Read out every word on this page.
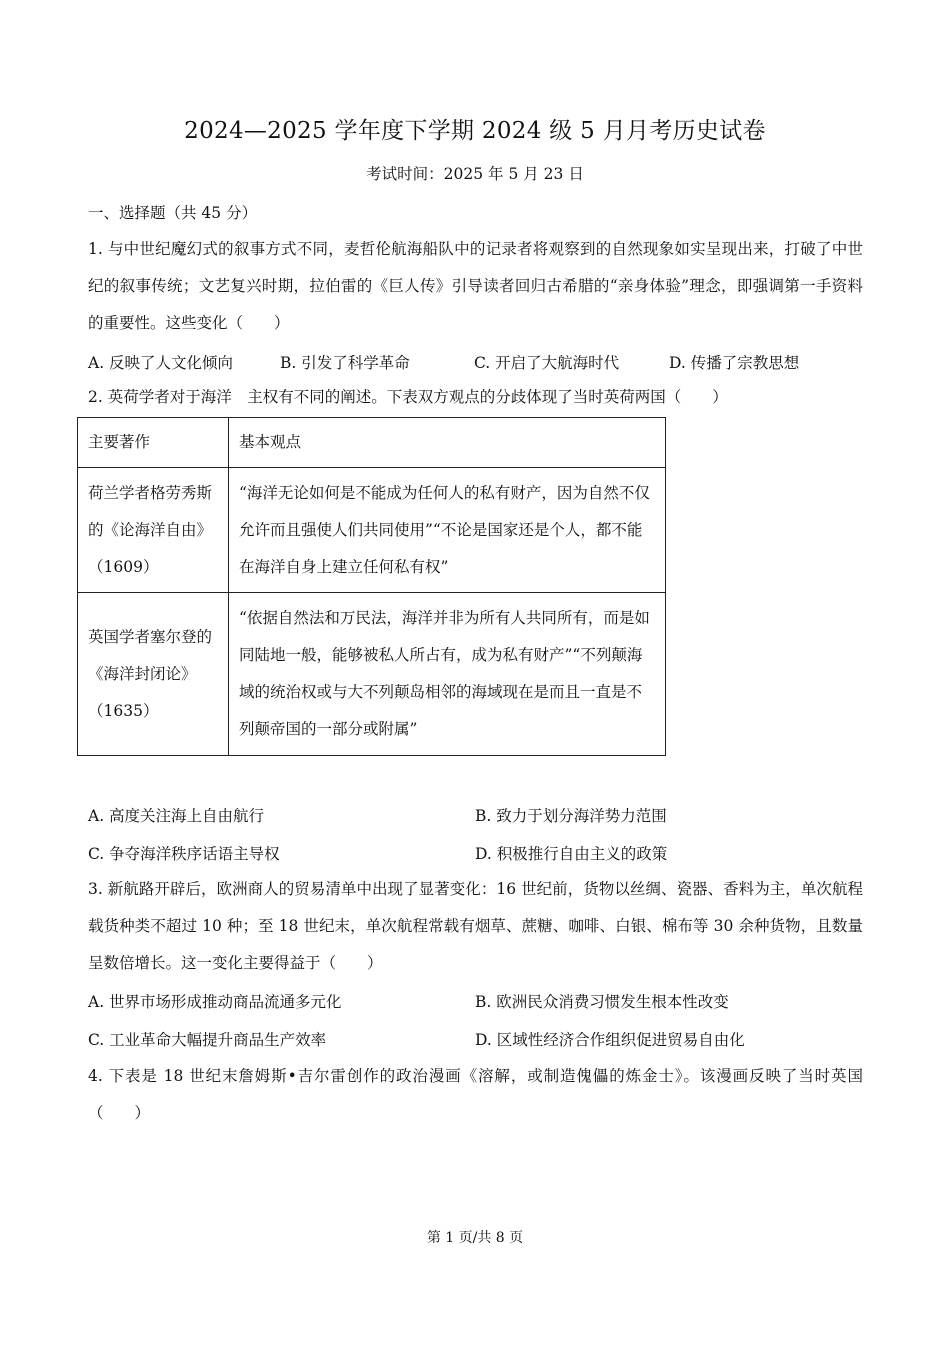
2024—2025 学年度下学期 2024 级 5 月月考历史试卷
考试时间：2025 年 5 月 23 日
一、选择题（共 45 分）
1. 与中世纪魔幻式的叙事方式不同，麦哲伦航海船队中的记录者将观察到的自然现象如实呈现出来，打破了中世纪的叙事传统；文艺复兴时期，拉伯雷的《巨人传》引导读者回归古希腊的“亲身体验”理念，即强调第一手资料的重要性。这些变化（　　）
A. 反映了人文化倾向	B. 引发了科学革命	C. 开启了大航海时代	D. 传播了宗教思想
2. 英荷学者对于海洋　主权有不同的阐述。下表双方观点的分歧体现了当时英荷两国（　　）
主要著作	基本观点
荷兰学者格劳秀斯的《论海洋自由》（1609）	“海洋无论如何是不能成为任何人的私有财产，因为自然不仅允许而且强使人们共同使用”“不论是国家还是个人，都不能在海洋自身上建立任何私有权”
英国学者塞尔登的《海洋封闭论》（1635）	“依据自然法和万民法，海洋并非为所有人共同所有，而是如同陆地一般，能够被私人所占有，成为私有财产”“不列颠海域的统治权或与大不列颠岛相邻的海域现在是而且一直是不列颠帝国的一部分或附属”
A. 高度关注海上自由航行	B. 致力于划分海洋势力范围
C. 争夺海洋秩序话语主导权	D. 积极推行自由主义的政策
3. 新航路开辟后，欧洲商人的贸易清单中出现了显著变化：16 世纪前，货物以丝绸、瓷器、香料为主，单次航程载货种类不超过 10 种；至 18 世纪末，单次航程常载有烟草、蔗糖、咖啡、白银、棉布等 30 余种货物，且数量呈数倍增长。这一变化主要得益于（　　）
A. 世界市场形成推动商品流通多元化	B. 欧洲民众消费习惯发生根本性改变
C. 工业革命大幅提升商品生产效率	D. 区域性经济合作组织促进贸易自由化
4. 下表是 18 世纪末詹姆斯•吉尔雷创作的政治漫画《溶解，或制造傀儡的炼金士》。该漫画反映了当时英国（　　）
第 1 页/共 8 页
